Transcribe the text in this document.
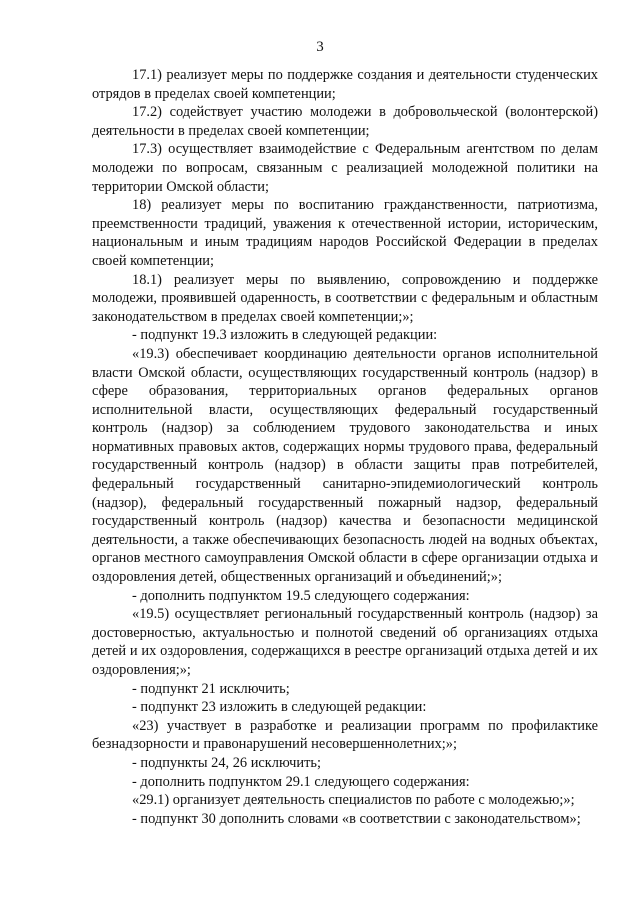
3

17.1) реализует меры по поддержке создания и деятельности студенческих отрядов в пределах своей компетенции;

17.2) содействует участию молодежи в добровольческой (волонтерской) деятельности в пределах своей компетенции;

17.3) осуществляет взаимодействие с Федеральным агентством по делам молодежи по вопросам, связанным с реализацией молодежной политики на территории Омской области;

18) реализует меры по воспитанию гражданственности, патриотизма, преемственности традиций, уважения к отечественной истории, историческим, национальным и иным традициям народов Российской Федерации в пределах своей компетенции;

18.1) реализует меры по выявлению, сопровождению и поддержке молодежи, проявившей одаренность, в соответствии с федеральным и областным законодательством в пределах своей компетенции;»;

- подпункт 19.3 изложить в следующей редакции:

«19.3) обеспечивает координацию деятельности органов исполнительной власти Омской области, осуществляющих государственный контроль (надзор) в сфере образования, территориальных органов федеральных органов исполнительной власти, осуществляющих федеральный государственный контроль (надзор) за соблюдением трудового законодательства и иных нормативных правовых актов, содержащих нормы трудового права, федеральный государственный контроль (надзор) в области защиты прав потребителей, федеральный государственный санитарно-эпидемиологический контроль (надзор), федеральный государственный пожарный надзор, федеральный государственный контроль (надзор) качества и безопасности медицинской деятельности, а также обеспечивающих безопасность людей на водных объектах, органов местного самоуправления Омской области в сфере организации отдыха и оздоровления детей, общественных организаций и объединений;»;

- дополнить подпунктом 19.5 следующего содержания:

«19.5) осуществляет региональный государственный контроль (надзор) за достоверностью, актуальностью и полнотой сведений об организациях отдыха детей и их оздоровления, содержащихся в реестре организаций отдыха детей и их оздоровления;»;

- подпункт 21 исключить;

- подпункт 23 изложить в следующей редакции:

«23) участвует в разработке и реализации программ по профилактике безнадзорности и правонарушений несовершеннолетних;»;

- подпункты 24, 26 исключить;

- дополнить подпунктом 29.1 следующего содержания:

«29.1) организует деятельность специалистов по работе с молодежью;»;

- подпункт 30 дополнить словами «в соответствии с законодательством»;
